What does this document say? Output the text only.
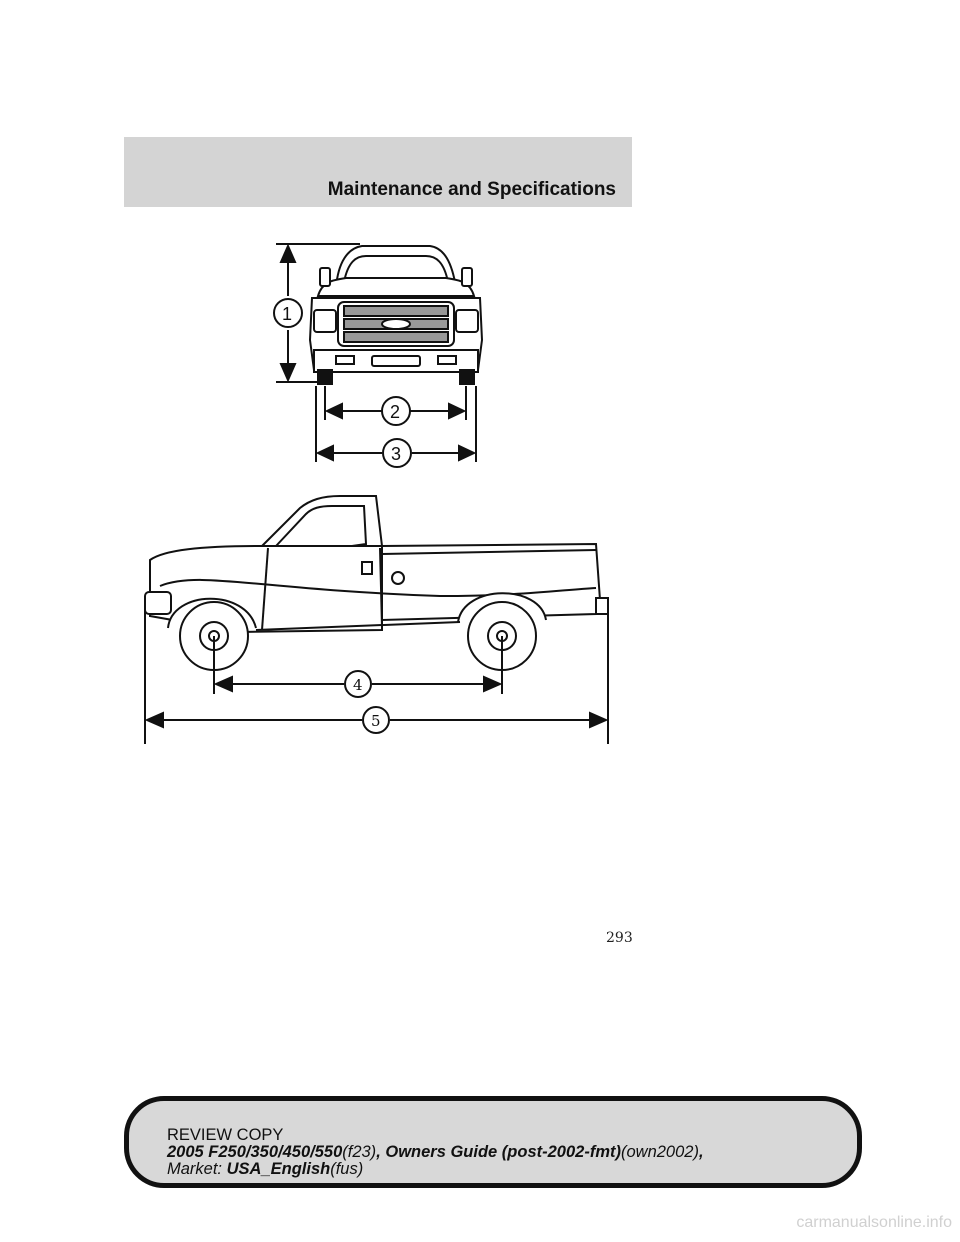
Maintenance and Specifications
1
2
3
4
5
293
REVIEW COPY
2005 F250/350/450/550(f23), Owners Guide (post-2002-fmt)(own2002),
Market: USA_English(fus)
carmanualsonline.info
